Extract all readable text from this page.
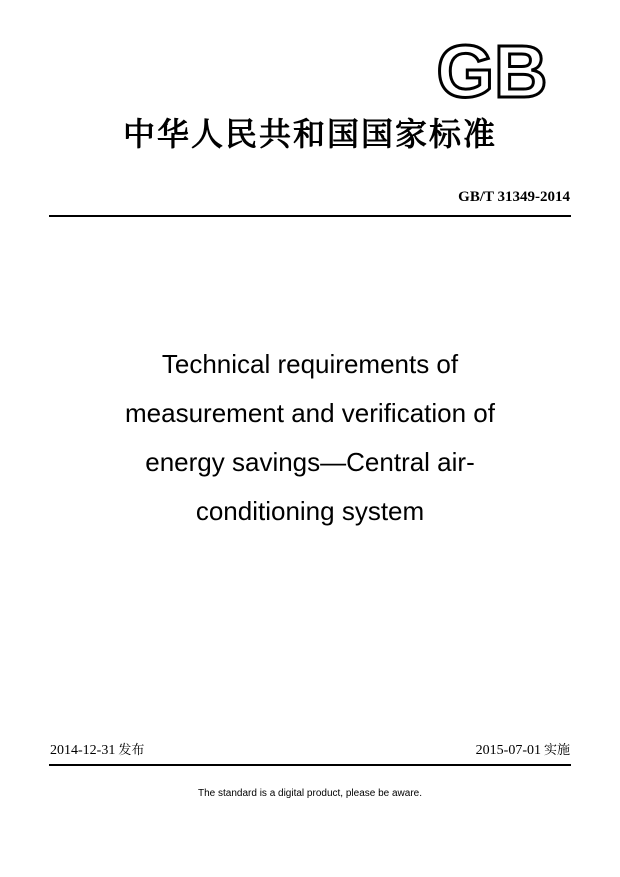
GB
中华人民共和国国家标准
GB/T 31349-2014
Technical requirements of
measurement and verification of
energy savings—Central air-
conditioning system
2014-12-31 发布	2015-07-01 实施
The standard is a digital product, please be aware.
